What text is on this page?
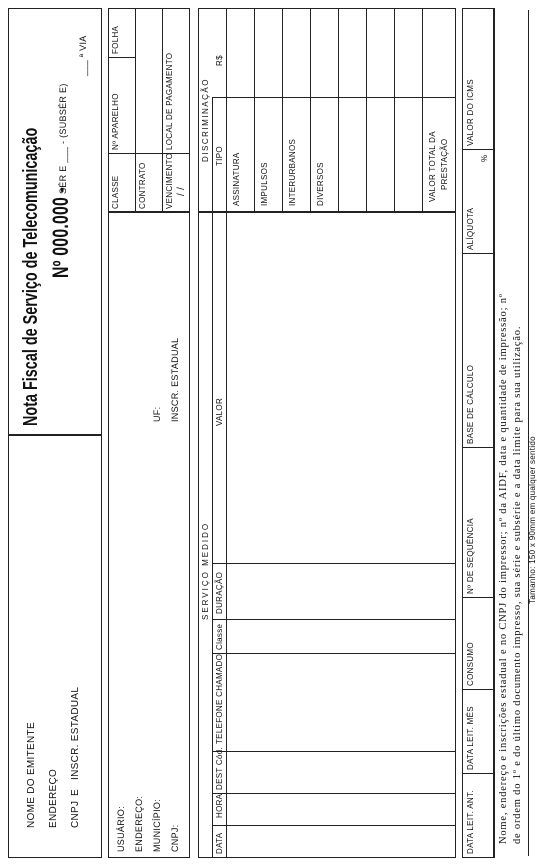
NOME DO EMITENTE ENDEREÇO CNPJ
E
INSCR. ESTADUAL
Nota Fiscal de Serviço de Telecomunicação Nº 000.000 -
SÉR E ___ - (SUBSÉR E)
___ ª VIA
USUÁRIO: ENDEREÇO: MUNICÍPIO: CNPJ:
UF: INSCR. ESTADUAL
CLASSE
Nº APARELHO
FOLHA
CONTRATO VENCIMENTO / /
LOCAL DE PAGAMENTO
SERVIÇO MEDIDO
DATA
HORA
DEST Cód.
TELEFONE CHAMADO
Classe
DURAÇÃO
VALOR
DISCRIMINAÇÃO TIPO
R$
ASSINATURA IMPULSOS INTERURBANOS DIVERSOS	VALOR TOTAL DA PRESTAÇÃO
DATA LEIT. ANT.
DATA LEIT. MÊS
CONSUMO
Nº DE SEQUÊNCIA
BASE DE CÁLCULO
ALÍQUOTA
%
VALOR DO ICMS
Nome, endereço e inscrições estadual e no CNPJ do impressor; nº da AIDF, data e quantidade de impressão; nº de ordem do 1º e do último documento impresso, sua série e subsérie e a data limite para sua utilização. Tamanho: 150 x 90mm em qualquer sentido
